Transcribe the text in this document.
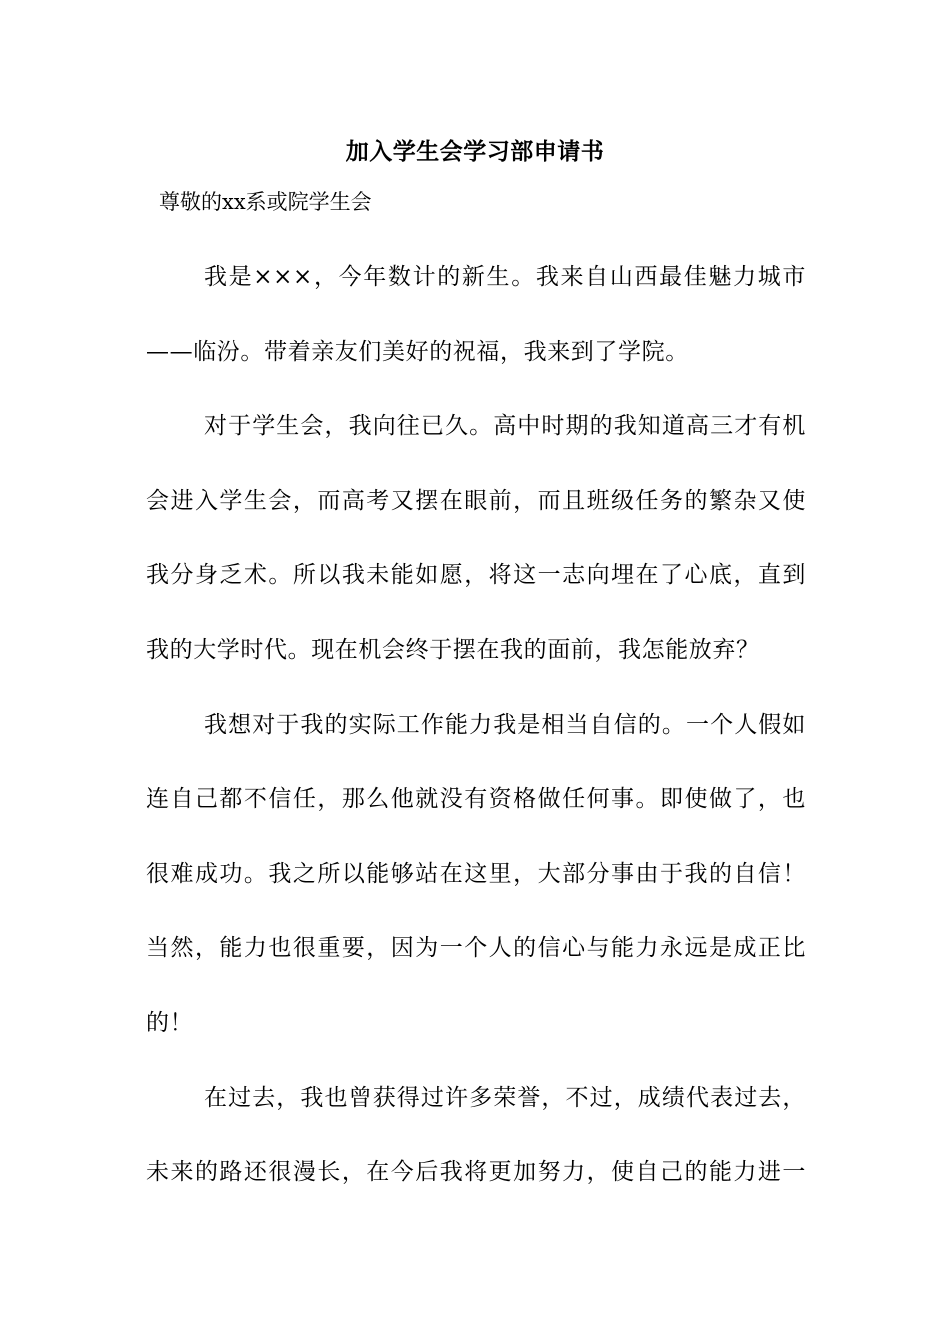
加入学生会学习部申请书
尊敬的xx系或院学生会
我是×××，今年数计的新生。我来自山西最佳魅力城市
——临汾。带着亲友们美好的祝福，我来到了学院。
对于学生会，我向往已久。高中时期的我知道高三才有机
会进入学生会，而高考又摆在眼前，而且班级任务的繁杂又使
我分身乏术。所以我未能如愿，将这一志向埋在了心底，直到
我的大学时代。现在机会终于摆在我的面前，我怎能放弃？
我想对于我的实际工作能力我是相当自信的。一个人假如
连自己都不信任，那么他就没有资格做任何事。即使做了，也
很难成功。我之所以能够站在这里，大部分事由于我的自信！
当然，能力也很重要，因为一个人的信心与能力永远是成正比
的！
在过去，我也曾获得过许多荣誉，不过，成绩代表过去，
未来的路还很漫长，在今后我将更加努力，使自己的能力进一
